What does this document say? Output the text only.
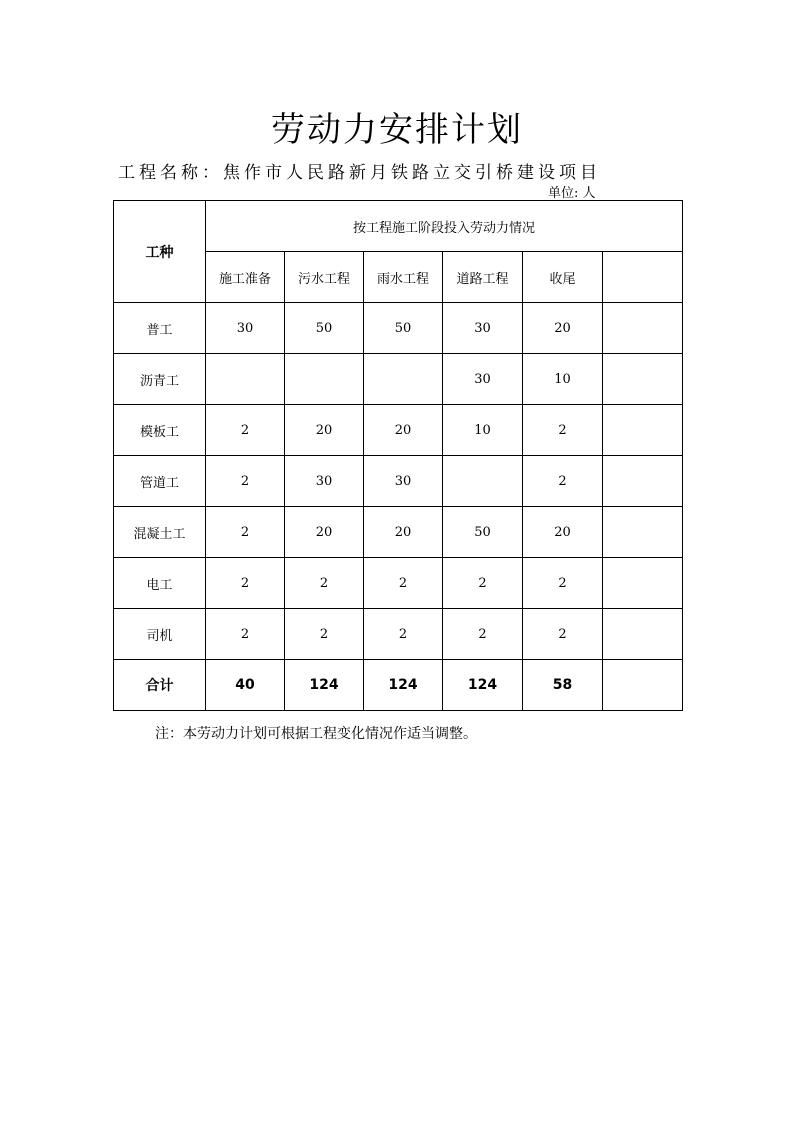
劳动力安排计划
工程名称：焦作市人民路新月铁路立交引桥建设项目
单位: 人
工种	按工程施工阶段投入劳动力情况					
	施工准备	污水工程	雨水工程	道路工程	收尾	
普工	30	50	50	30	20	
沥青工				30	10	
模板工	2	20	20	10	2	
管道工	2	30	30		2	
混凝土工	2	20	20	50	20	
电工	2	2	2	2	2	
司机	2	2	2	2	2	
合计	40	124	124	124	58	
注：本劳动力计划可根据工程变化情况作适当调整。
